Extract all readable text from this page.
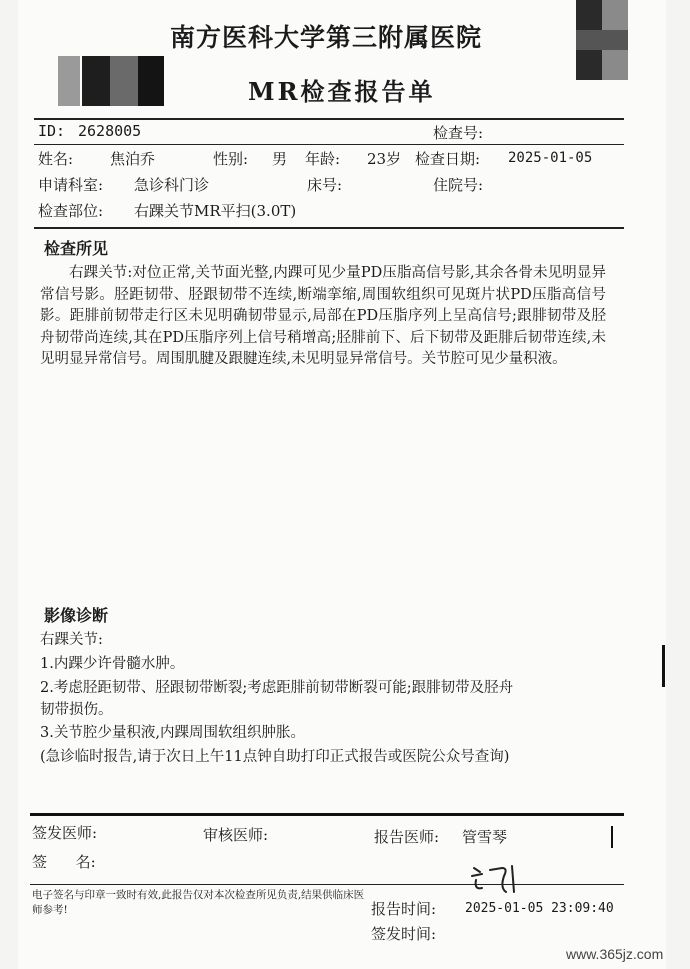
南方医科大学第三附属医院
MR检查报告单
ID: 2628005	检查号:
姓名: 焦泊乔	性别: 男 年龄: 23岁 检查日期: 2025-01-05
申请科室: 急诊科门诊	床号:	住院号:
检查部位: 右踝关节MR平扫(3.0T)
检查所见
右踝关节:对位正常,关节面光整,内踝可见少量PD压脂高信号影,其余各骨未见明显异常信号影。胫距韧带、胫跟韧带不连续,断端挛缩,周围软组织可见斑片状PD压脂高信号影。距腓前韧带走行区未见明确韧带显示,局部在PD压脂序列上呈高信号;跟腓韧带及胫舟韧带尚连续,其在PD压脂序列上信号稍增高;胫腓前下、后下韧带及距腓后韧带连续,未见明显异常信号。周围肌腱及跟腱连续,未见明显异常信号。关节腔可见少量积液。
影像诊断
右踝关节:
1.内踝少许骨髓水肿。
2.考虑胫距韧带、胫跟韧带断裂;考虑距腓前韧带断裂可能;跟腓韧带及胫舟
韧带损伤。
3.关节腔少量积液,内踝周围软组织肿胀。
(急诊临时报告,请于次日上午11点钟自助打印正式报告或医院公众号查询)
签发医师:	审核医师:	报告医师: 管雪琴
签      名:
电子签名与印章一致时有效,此报告仅对本次检查所见负责,结果供临床医师参考!	报告时间: 2025-01-05 23:09:40
签发时间:
www.365jz.com
